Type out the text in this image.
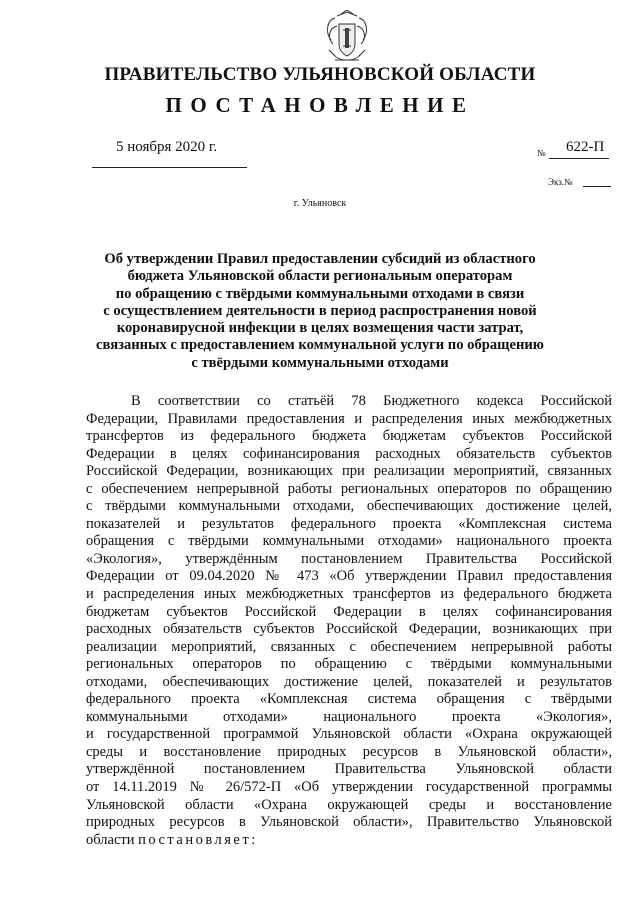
ПРАВИТЕЛЬСТВО УЛЬЯНОВСКОЙ ОБЛАСТИ
ПОСТАНОВЛЕНИЕ
5 ноября 2020 г.	№ 622-П
Экз.№
г. Ульяновск
Об утверждении Правил предоставлении субсидий из областного
бюджета Ульяновской области региональным операторам
по обращению с твёрдыми коммунальными отходами в связи
с осуществлением деятельности в период распространения новой
коронавирусной инфекции в целях возмещения части затрат,
связанных с предоставлением коммунальной услуги по обращению
с твёрдыми коммунальными отходами
В соответствии со статьёй 78 Бюджетного кодекса Российской
Федерации, Правилами предоставления и распределения иных межбюджетных
трансфертов из федерального бюджета бюджетам субъектов Российской
Федерации в целях софинансирования расходных обязательств субъектов
Российской Федерации, возникающих при реализации мероприятий, связанных
с обеспечением непрерывной работы региональных операторов по обращению
с твёрдыми коммунальными отходами, обеспечивающих достижение целей,
показателей и результатов федерального проекта «Комплексная система
обращения с твёрдыми коммунальными отходами» национального проекта
«Экология», утверждённым постановлением Правительства Российской
Федерации от 09.04.2020 № 473 «Об утверждении Правил предоставления
и распределения иных межбюджетных трансфертов из федерального бюджета
бюджетам субъектов Российской Федерации в целях софинансирования
расходных обязательств субъектов Российской Федерации, возникающих при
реализации мероприятий, связанных с обеспечением непрерывной работы
региональных операторов по обращению с твёрдыми коммунальными
отходами, обеспечивающих достижение целей, показателей и результатов
федерального проекта «Комплексная система обращения с твёрдыми
коммунальными отходами» национального проекта «Экология»,
и государственной программой Ульяновской области «Охрана окружающей
среды и восстановление природных ресурсов в Ульяновской области»,
утверждённой постановлением Правительства Ульяновской области
от 14.11.2019 № 26/572-П «Об утверждении государственной программы
Ульяновской области «Охрана окружающей среды и восстановление
природных ресурсов в Ульяновской области», Правительство Ульяновской
области постановляет:
